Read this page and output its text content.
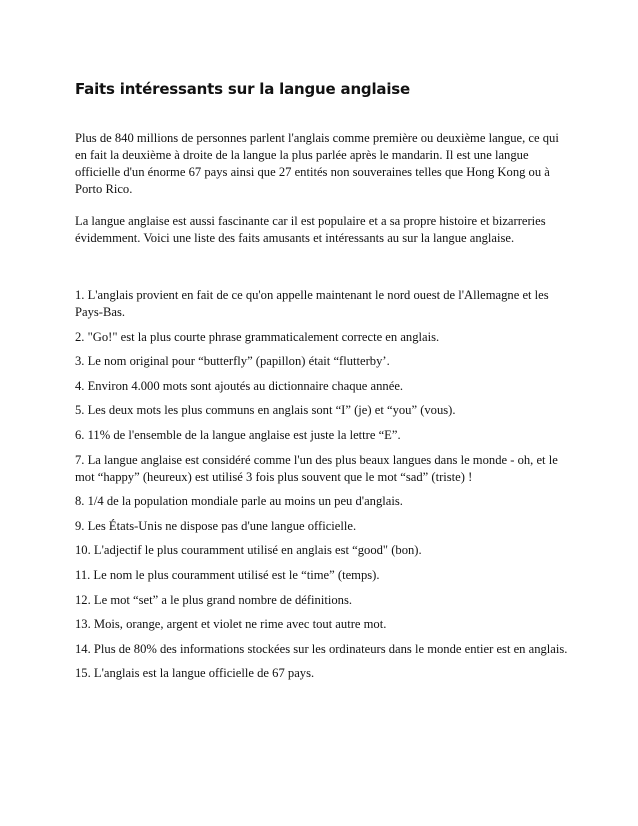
Faits intéressants sur la langue anglaise

Plus de 840 millions de personnes parlent l'anglais comme première ou deuxième langue, ce qui en fait la deuxième à droite de la langue la plus parlée après le mandarin. Il est une langue officielle d'un énorme 67 pays ainsi que 27 entités non souveraines telles que Hong Kong ou à Porto Rico.

La langue anglaise est aussi fascinante car il est populaire et a sa propre histoire et bizarreries évidemment. Voici une liste des faits amusants et intéressants au sur la langue anglaise.

1. L'anglais provient en fait de ce qu'on appelle maintenant le nord ouest de l'Allemagne et les Pays-Bas.
2. "Go!" est la plus courte phrase grammaticalement correcte en anglais.
3. Le nom original pour “butterfly” (papillon) était “flutterby’.
4. Environ 4.000 mots sont ajoutés au dictionnaire chaque année.
5. Les deux mots les plus communs en anglais sont “I” (je) et “you” (vous).
6. 11% de l'ensemble de la langue anglaise est juste la lettre “E”.
7. La langue anglaise est considéré comme l'un des plus beaux langues dans le monde - oh, et le mot “happy” (heureux) est utilisé 3 fois plus souvent que le mot “sad” (triste) !
8. 1/4 de la population mondiale parle au moins un peu d'anglais.
9. Les États-Unis ne dispose pas d'une langue officielle.
10. L'adjectif le plus couramment utilisé en anglais est “good" (bon).
11. Le nom le plus couramment utilisé est le “time” (temps).
12. Le mot “set” a le plus grand nombre de définitions.
13. Mois, orange, argent et violet ne rime avec tout autre mot.
14. Plus de 80% des informations stockées sur les ordinateurs dans le monde entier est en anglais.
15. L'anglais est la langue officielle de 67 pays.
